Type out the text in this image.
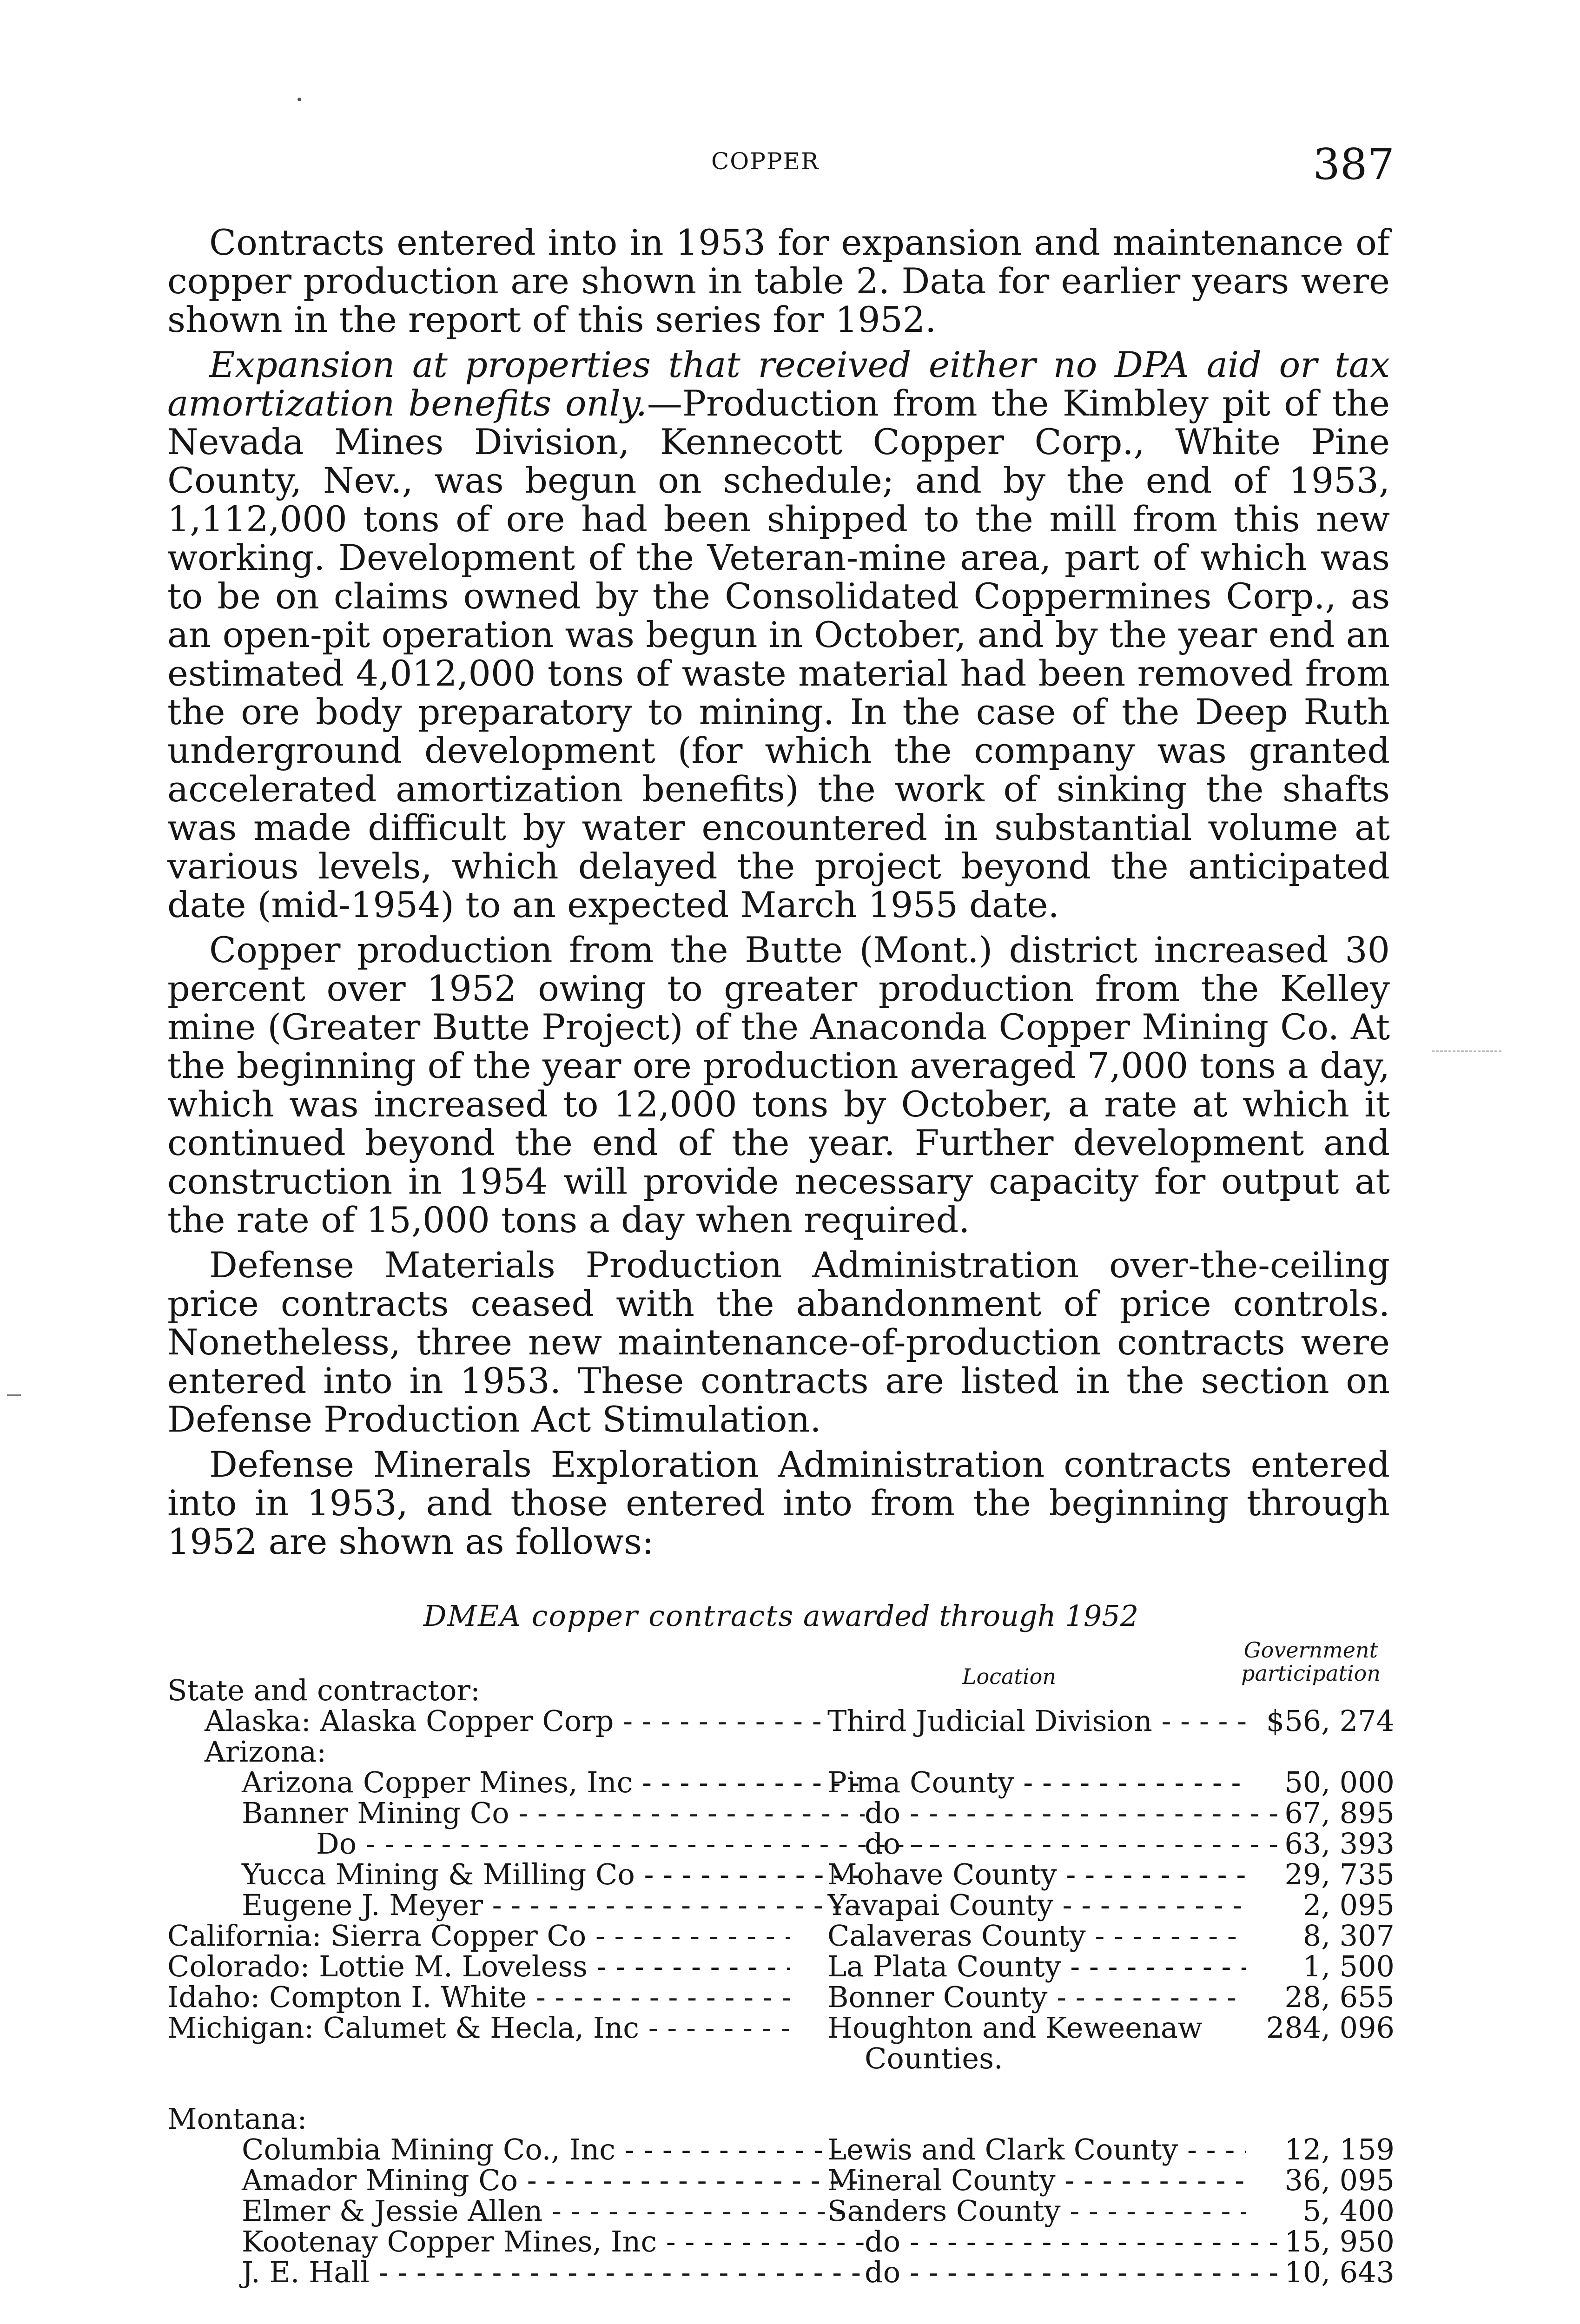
COPPER	387

Contracts entered into in 1953 for expansion and maintenance of copper production are shown in table 2. Data for earlier years were shown in the report of this series for 1952.

Expansion at properties that received either no DPA aid or tax amortization benefits only.—Production from the Kimbley pit of the Nevada Mines Division, Kennecott Copper Corp., White Pine County, Nev., was begun on schedule; and by the end of 1953, 1,112,000 tons of ore had been shipped to the mill from this new working. Development of the Veteran-mine area, part of which was to be on claims owned by the Consolidated Coppermines Corp., as an open-pit operation was begun in October, and by the year end an estimated 4,012,000 tons of waste material had been removed from the ore body preparatory to mining. In the case of the Deep Ruth underground development (for which the company was granted accelerated amortization benefits) the work of sinking the shafts was made difficult by water encountered in substantial volume at various levels, which delayed the project beyond the anticipated date (mid-1954) to an expected March 1955 date.

Copper production from the Butte (Mont.) district increased 30 percent over 1952 owing to greater production from the Kelley mine (Greater Butte Project) of the Anaconda Copper Mining Co. At the beginning of the year ore production averaged 7,000 tons a day, which was increased to 12,000 tons by October, a rate at which it continued beyond the end of the year. Further development and construction in 1954 will provide necessary capacity for output at the rate of 15,000 tons a day when required.

Defense Materials Production Administration over-the-ceiling price contracts ceased with the abandonment of price controls. Nonetheless, three new maintenance-of-production contracts were entered into in 1953. These contracts are listed in the section on Defense Production Act Stimulation.

Defense Minerals Exploration Administration contracts entered into in 1953, and those entered into from the beginning through 1952 are shown as follows:

DMEA copper contracts awarded through 1952
Location
Government
participation
State and contractor:
Alaska: Alaska Copper Corp - - -	Third Judicial Division - - -	$56, 274
Arizona:
Arizona Copper Mines, Inc - - -	Pima County - - -	50, 000
Banner Mining Co - - -	do - - -	67, 895
Do - - -	do - - -	63, 393
Yucca Mining & Milling Co - - -	Mohave County - - -	29, 735
Eugene J. Meyer - - -	Yavapai County - - -	2, 095
California: Sierra Copper Co - - -	Calaveras County - - -	8, 307
Colorado: Lottie M. Loveless - - -	La Plata County - - -	1, 500
Idaho: Compton I. White - - -	Bonner County - - -	28, 655
Michigan: Calumet & Hecla, Inc - - -	Houghton and Keweenaw	284, 096
Counties.
Montana:
Columbia Mining Co., Inc - - -	Lewis and Clark County - - -	12, 159
Amador Mining Co - - -	Mineral County - - -	36, 095
Elmer & Jessie Allen - - -	Sanders County - - -	5, 400
Kootenay Copper Mines, Inc - - -	do - - -	15, 950
J. E. Hall - - -	do - - -	10, 643
